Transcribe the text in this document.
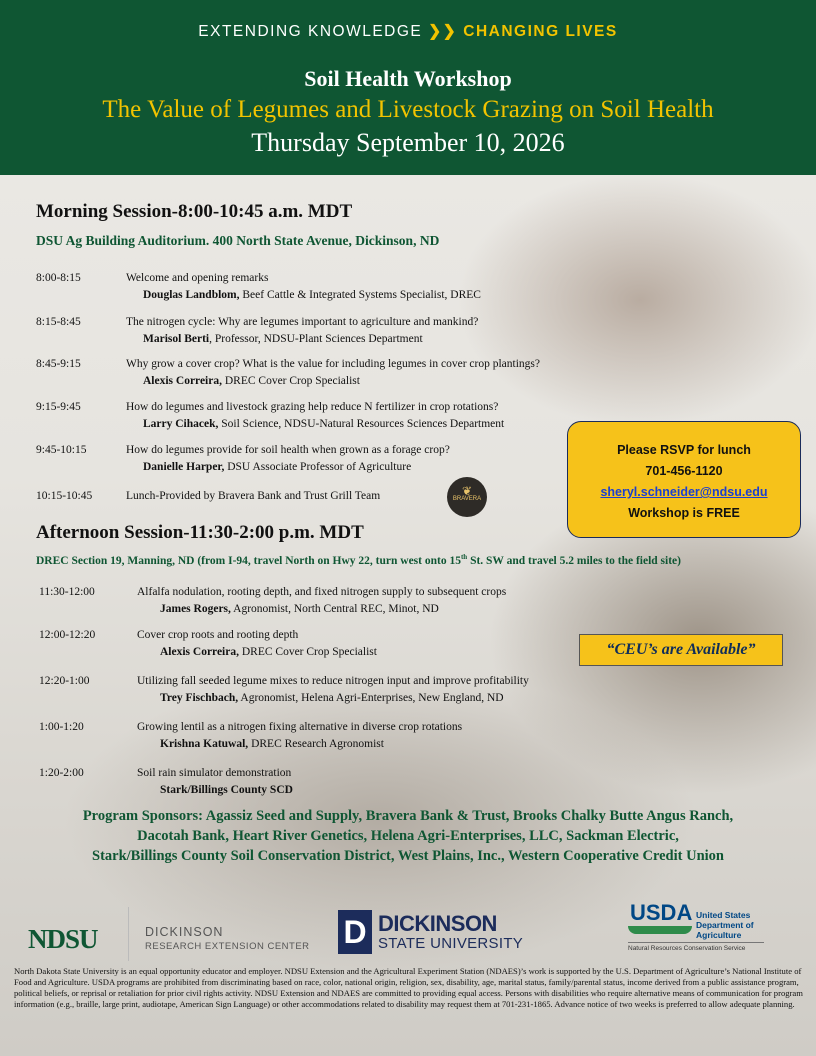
EXTENDING KNOWLEDGE ❯❯ CHANGING LIVES
Soil Health Workshop
The Value of Legumes and Livestock Grazing on Soil Health
Thursday September 10, 2026
Morning Session-8:00-10:45 a.m. MDT
DSU Ag Building Auditorium. 400 North State Avenue, Dickinson, ND
8:00-8:15	Welcome and opening remarks
Douglas Landblom, Beef Cattle & Integrated Systems Specialist, DREC
8:15-8:45	The nitrogen cycle: Why are legumes important to agriculture and mankind?
Marisol Berti, Professor, NDSU-Plant Sciences Department
8:45-9:15	Why grow a cover crop? What is the value for including legumes in cover crop plantings?
Alexis Correira, DREC Cover Crop Specialist
9:15-9:45	How do legumes and livestock grazing help reduce N fertilizer in crop rotations?
Larry Cihacek, Soil Science, NDSU-Natural Resources Sciences Department
9:45-10:15	How do legumes provide for soil health when grown as a forage crop?
Danielle Harper, DSU Associate Professor of Agriculture
10:15-10:45	Lunch-Provided by Bravera Bank and Trust Grill Team	❦
BRAVERA
Please RSVP for lunch
701-456-1120
sheryl.schneider@ndsu.edu
Workshop is FREE
Afternoon Session-11:30-2:00 p.m. MDT
DREC Section 19, Manning, ND (from I-94, travel North on Hwy 22, turn west onto 15th St. SW and travel 5.2 miles to the field site)
11:30-12:00	Alfalfa nodulation, rooting depth, and fixed nitrogen supply to subsequent crops
James Rogers, Agronomist, North Central REC, Minot, ND
12:00-12:20	Cover crop roots and rooting depth
Alexis Correira, DREC Cover Crop Specialist
12:20-1:00	Utilizing fall seeded legume mixes to reduce nitrogen input and improve profitability
Trey Fischbach, Agronomist, Helena Agri-Enterprises, New England, ND
1:00-1:20	Growing lentil as a nitrogen fixing alternative in diverse crop rotations
Krishna Katuwal, DREC Research Agronomist
1:20-2:00	Soil rain simulator demonstration
Stark/Billings County SCD
“CEU’s are Available”
Program Sponsors: Agassiz Seed and Supply, Bravera Bank & Trust, Brooks Chalky Butte Angus Ranch,
Dacotah Bank, Heart River Genetics, Helena Agri-Enterprises, LLC, Sackman Electric,
Stark/Billings County Soil Conservation District, West Plains, Inc., Western Cooperative Credit Union
NDSU	DICKINSON
RESEARCH EXTENSION CENTER D DICKINSON
STATE UNIVERSITY
USDA United States
Department of
Agriculture
Natural Resources Conservation Service
North Dakota State University is an equal opportunity educator and employer. NDSU Extension and the Agricultural Experiment Station (NDAES)’s work is supported by the U.S. Department of Agriculture’s National Institute of Food and Agriculture. USDA programs are prohibited from discriminating based on race, color, national origin, religion, sex, disability, age, marital status, family/parental status, income derived from a public assistance program, political beliefs, or reprisal or retaliation for prior civil rights activity. NDSU Extension and NDAES are committed to providing equal access. Persons with disabilities who require alternative means of communication for program information (e.g., braille, large print, audiotape, American Sign Language) or other accommodations related to disability may request them at 701-231-1865. Advance notice of two weeks is preferred to allow adequate planning.
